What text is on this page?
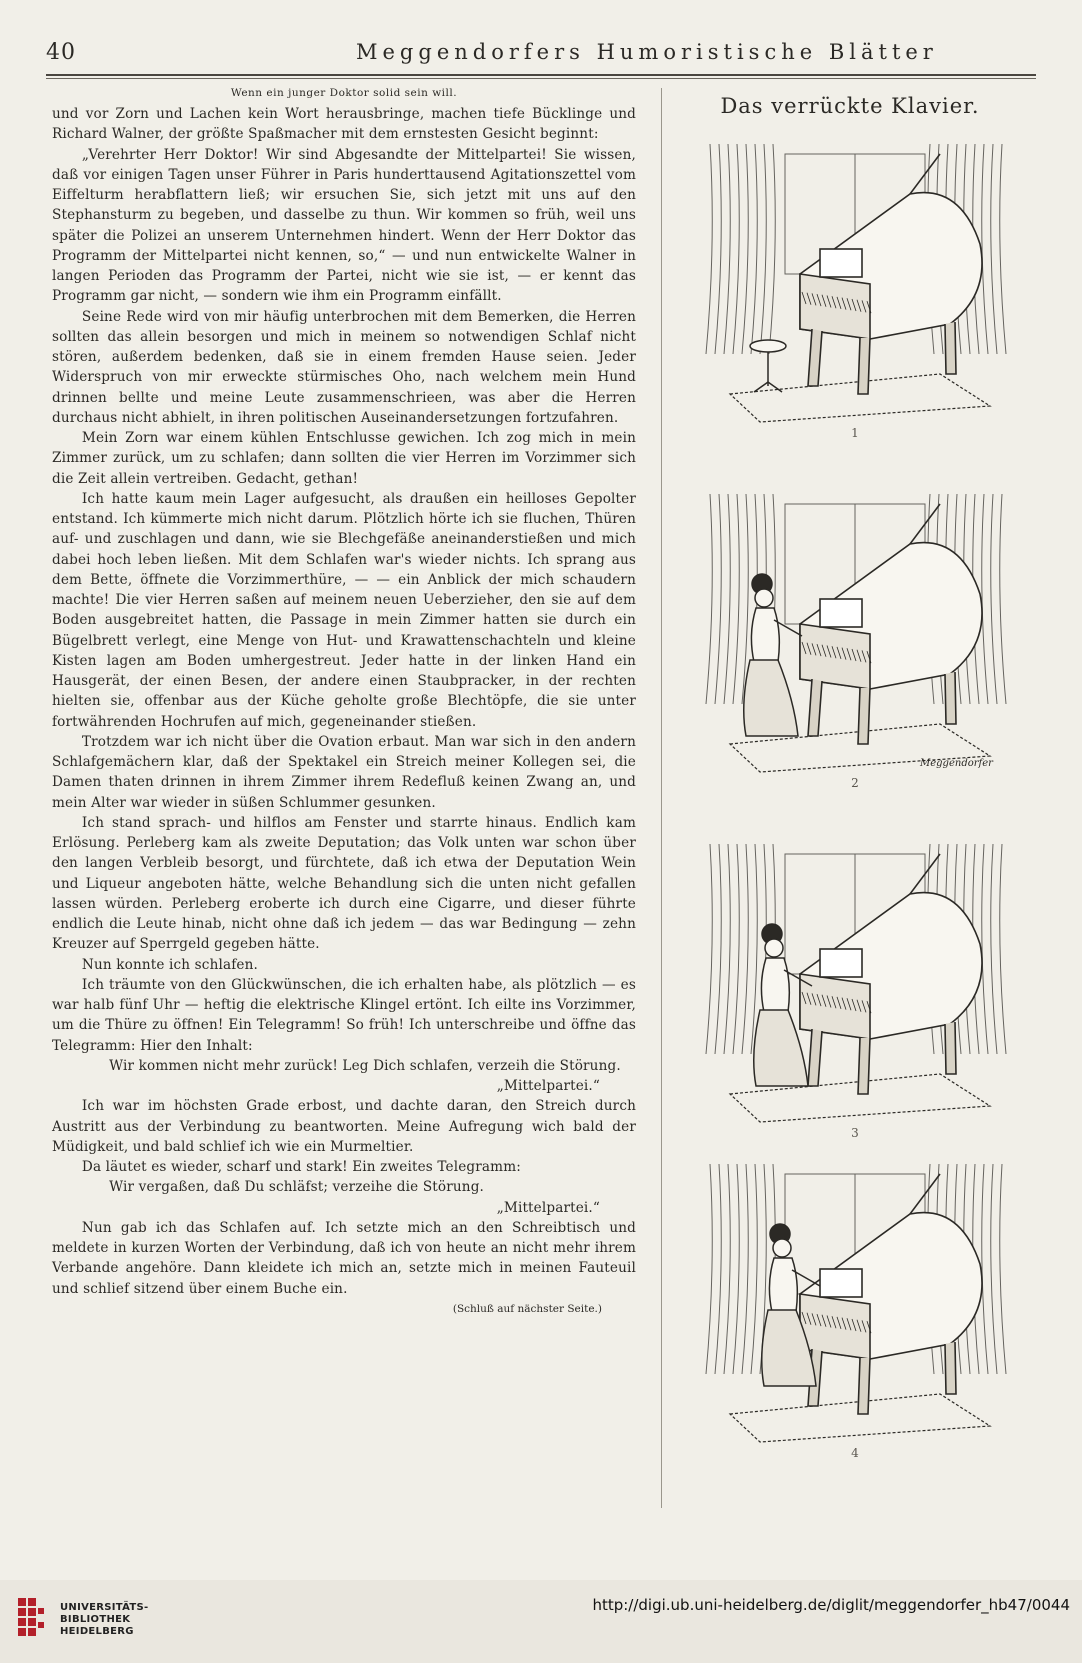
40	Meggendorfers Humoristische Blätter
Wenn ein junger Doktor solid sein will.

und vor Zorn und Lachen kein Wort herausbringe, machen tiefe Bücklinge und Richard Walner, der größte Spaßmacher mit dem ernstesten Gesicht beginnt:

„Verehrter Herr Doktor! Wir sind Abgesandte der Mittelpartei! Sie wissen, daß vor einigen Tagen unser Führer in Paris hunderttausend Agitationszettel vom Eiffelturm herabflattern ließ; wir ersuchen Sie, sich jetzt mit uns auf den Stephansturm zu begeben, und dasselbe zu thun. Wir kommen so früh, weil uns später die Polizei an unserem Unternehmen hindert. Wenn der Herr Doktor das Programm der Mittelpartei nicht kennen, so,“ — und nun entwickelte Walner in langen Perioden das Programm der Partei, nicht wie sie ist, — er kennt das Programm gar nicht, — sondern wie ihm ein Programm einfällt.

Seine Rede wird von mir häufig unterbrochen mit dem Bemerken, die Herren sollten das allein besorgen und mich in meinem so notwendigen Schlaf nicht stören, außerdem bedenken, daß sie in einem fremden Hause seien. Jeder Widerspruch von mir erweckte stürmisches Oho, nach welchem mein Hund drinnen bellte und meine Leute zusammenschrieen, was aber die Herren durchaus nicht abhielt, in ihren politischen Auseinandersetzungen fortzufahren.

Mein Zorn war einem kühlen Entschlusse gewichen. Ich zog mich in mein Zimmer zurück, um zu schlafen; dann sollten die vier Herren im Vorzimmer sich die Zeit allein vertreiben. Gedacht, gethan!

Ich hatte kaum mein Lager aufgesucht, als draußen ein heilloses Gepolter entstand. Ich kümmerte mich nicht darum. Plötzlich hörte ich sie fluchen, Thüren auf- und zuschlagen und dann, wie sie Blechgefäße aneinanderstießen und mich dabei hoch leben ließen. Mit dem Schlafen war's wieder nichts. Ich sprang aus dem Bette, öffnete die Vorzimmerthüre, — — ein Anblick der mich schaudern machte! Die vier Herren saßen auf meinem neuen Ueberzieher, den sie auf dem Boden ausgebreitet hatten, die Passage in mein Zimmer hatten sie durch ein Bügelbrett verlegt, eine Menge von Hut- und Krawattenschachteln und kleine Kisten lagen am Boden umhergestreut. Jeder hatte in der linken Hand ein Hausgerät, der einen Besen, der andere einen Staubpracker, in der rechten hielten sie, offenbar aus der Küche geholte große Blechtöpfe, die sie unter fortwährenden Hochrufen auf mich, gegeneinander stießen.

Trotzdem war ich nicht über die Ovation erbaut. Man war sich in den andern Schlafgemächern klar, daß der Spektakel ein Streich meiner Kollegen sei, die Damen thaten drinnen in ihrem Zimmer ihrem Redefluß keinen Zwang an, und mein Alter war wieder in süßen Schlummer gesunken.

Ich stand sprach- und hilflos am Fenster und starrte hinaus. Endlich kam Erlösung. Perleberg kam als zweite Deputation; das Volk unten war schon über den langen Verbleib besorgt, und fürchtete, daß ich etwa der Deputation Wein und Liqueur angeboten hätte, welche Behandlung sich die unten nicht gefallen lassen würden. Perleberg eroberte ich durch eine Cigarre, und dieser führte endlich die Leute hinab, nicht ohne daß ich jedem — das war Bedingung — zehn Kreuzer auf Sperrgeld gegeben hätte.

Nun konnte ich schlafen.

Ich träumte von den Glückwünschen, die ich erhalten habe, als plötzlich — es war halb fünf Uhr — heftig die elektrische Klingel ertönt. Ich eilte ins Vorzimmer, um die Thüre zu öffnen! Ein Telegramm! So früh! Ich unterschreibe und öffne das Telegramm: Hier den Inhalt:

Wir kommen nicht mehr zurück! Leg Dich schlafen, verzeih die Störung.

„Mittelpartei.“

Ich war im höchsten Grade erbost, und dachte daran, den Streich durch Austritt aus der Verbindung zu beantworten. Meine Aufregung wich bald der Müdigkeit, und bald schlief ich wie ein Murmeltier.

Da läutet es wieder, scharf und stark! Ein zweites Telegramm:

Wir vergaßen, daß Du schläfst; verzeihe die Störung.

„Mittelpartei.“

Nun gab ich das Schlafen auf. Ich setzte mich an den Schreibtisch und meldete in kurzen Worten der Verbindung, daß ich von heute an nicht mehr ihrem Verbande angehöre. Dann kleidete ich mich an, setzte mich in meinen Fauteuil und schlief sitzend über einem Buche ein.

(Schluß auf nächster Seite.)
Das verrückte Klavier.
1
Meggendorfer
2
3
4
UNIVERSITÄTS-
BIBLIOTHEK
HEIDELBERG
http://digi.ub.uni-heidelberg.de/diglit/meggendorfer_hb47/0044
